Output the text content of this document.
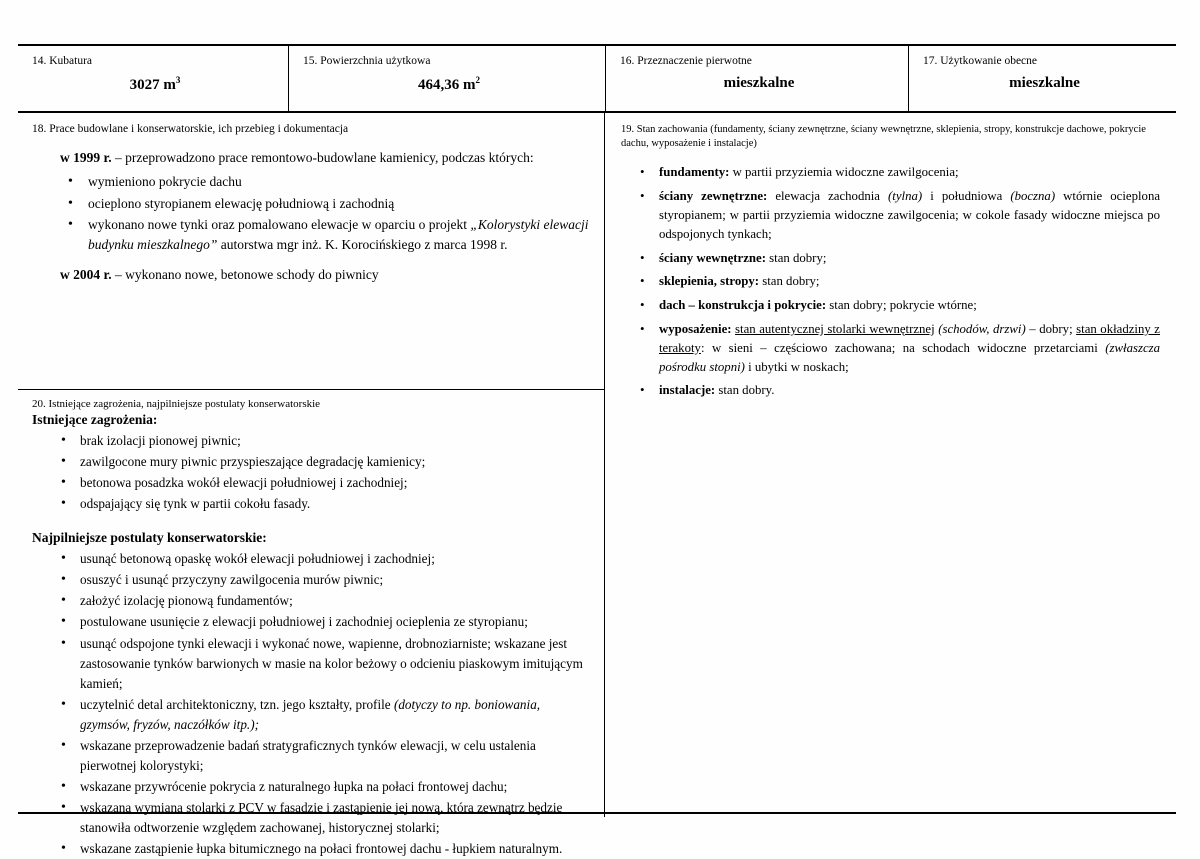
14. Kubatura
3027 $m^3$
15. Powierzchnia użytkowa
464,36 $m^2$
16. Przeznaczenie pierwotne
mieszkalne
17. Użytkowanie obecne
mieszkalne
18. Prace budowlane i konserwatorskie, ich przebieg i dokumentacja

w 1999 r. – przeprowadzono prace remontowo-budowlane kamienicy, podczas których:

• wymieniono pokrycie dachu
• ocieplono styropianem elewację południową i zachodnią
• wykonano nowe tynki oraz pomalowano elewacje w oparciu o projekt „Kolorystyki elewacji budynku mieszkalnego” autorstwa mgr inż. K. Korocińskiego z marca 1998 r.

w 2004 r. – wykonano nowe, betonowe schody do piwnicy

19. Stan zachowania (fundamenty, ściany zewnętrzne, ściany wewnętrzne, sklepienia, stropy, konstrukcje dachowe, pokrycie dachu, wyposażenie i instalacje)
• fundamenty: w partii przyziemia widoczne zawilgocenia;
• ściany zewnętrzne: elewacja zachodnia (tylna) i południowa (boczna) wtórnie ocieplona styropianem; w partii przyziemia widoczne zawilgocenia; w cokole fasady widoczne miejsca po odspojonych tynkach;
• ściany wewnętrzne: stan dobry;
• sklepienia, stropy: stan dobry;
• dach – konstrukcja i pokrycie: stan dobry; pokrycie wtórne;
• wyposażenie: stan autentycznej stolarki wewnętrznej (schodów, drzwi) – dobry; stan okładziny z terakoty: w sieni – częściowo zachowana; na schodach widoczne przetarciami (zwłaszcza pośrodku stopni) i ubytki w noskach;
• instalacje: stan dobry.
20. Istniejące zagrożenia, najpilniejsze postulaty konserwatorskie
Istniejące zagrożenia:
• brak izolacji pionowej piwnic;
• zawilgocone mury piwnic przyspieszające degradację kamienicy;
• betonowa posadzka wokół elewacji południowej i zachodniej;
• odspajający się tynk w partii cokołu fasady.
Najpilniejsze postulaty konserwatorskie:
• usunąć betonową opaskę wokół elewacji południowej i zachodniej;
• osuszyć i usunąć przyczyny zawilgocenia murów piwnic;
• założyć izolację pionową fundamentów;
• postulowane usunięcie z elewacji południowej i zachodniej ocieplenia ze styropianu;
• usunąć odspojone tynki elewacji i wykonać nowe, wapienne, drobnoziarniste; wskazane jest zastosowanie tynków barwionych w masie na kolor beżowy o odcieniu piaskowym imitującym kamień;
• uczytelnić detal architektoniczny, tzn. jego kształty, profile (dotyczy to np. boniowania, gzymsów, fryzów, naczółków itp.);
• wskazane przeprowadzenie badań stratygraficznych tynków elewacji, w celu ustalenia pierwotnej kolorystyki;
• wskazane przywrócenie pokrycia z naturalnego łupka na połaci frontowej dachu;
• wskazana wymiana stolarki z PCV w fasadzie i zastąpienie jej nową, która zewnątrz będzie stanowiła odtworzenie względem zachowanej, historycznej stolarki;
• wskazane zastąpienie łupka bitumicznego na połaci frontowej dachu - łupkiem naturalnym.
